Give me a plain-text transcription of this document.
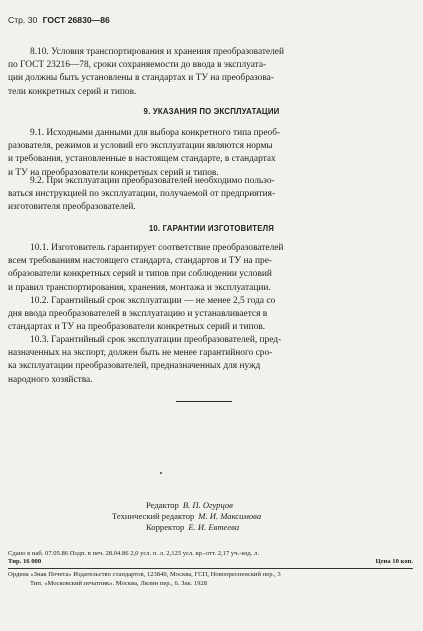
Стр. 30 ГОСТ 26830—86

8.10. Условия транспортирования и хранения преобразователей
по ГОСТ 23216—78, сроки сохраняемости до ввода в эксплуата-
ции должны быть установлены в стандартах и ТУ на преобразова-
тели конкретных серий и типов.

9. УКАЗАНИЯ ПО ЭКСПЛУАТАЦИИ

9.1. Исходными данными для выбора конкретного типа преоб-
разователя, режимов и условий его эксплуатации являются нормы
и требования, установленные в настоящем стандарте, в стандартах
и ТУ на преобразователи конкретных серий и типов.

9.2. При эксплуатации преобразователей необходимо пользо-
ваться инструкцией по эксплуатации, получаемой от предприятия-
изготовителя преобразователей.

10. ГАРАНТИИ ИЗГОТОВИТЕЛЯ

10.1. Изготовитель гарантирует соответствие преобразователей
всем требованиям настоящего стандарта, стандартов и ТУ на пре-
образователи конкретных серий и типов при соблюдении условий
и правил транспортирования, хранения, монтажа и эксплуатации.

10.2. Гарантийный срок эксплуатации — не менее 2,5 года со
дня ввода преобразователей в эксплуатацию и устанавливается в
стандартах и ТУ на преобразователи конкретных серий и типов.

10.3. Гарантийный срок эксплуатации преобразователей, пред-
назначенных на экспорт, должен быть не менее гарантийного сро-
ка эксплуатации преобразователей, предназначенных для нужд
народного хозяйства.

Редактор В. П. Огурцов
Технический редактор М. И. Максимова
Корректор Е. И. Евтеева
Сдано в наб. 07.05.86 Подп. в печ. 28.04.86 2,0 усл. п. л. 2,125 усл. кр.-отт. 2,17 уч.-изд. л.
Тир. 16 000	Цена 10 коп.
Ордена «Знак Почета» Издательство стандартов, 123840, Москва, ГСП, Новопресненский пер., 3
Тип. «Московский печатник». Москва, Лялин пер., 6. Зак. 1928
